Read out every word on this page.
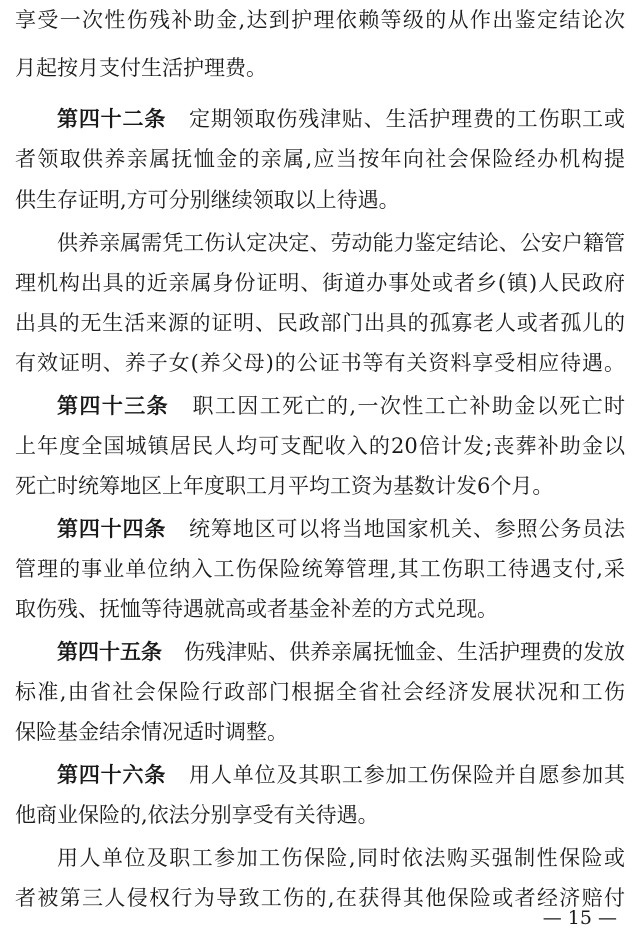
享受一次性伤残补助金,达到护理依赖等级的从作出鉴定结论次
月起按月支付生活护理费。
第四十二条 定期领取伤残津贴、生活护理费的工伤职工或
者领取供养亲属抚恤金的亲属,应当按年向社会保险经办机构提
供生存证明,方可分别继续领取以上待遇。
供养亲属需凭工伤认定决定、劳动能力鉴定结论、公安户籍管
理机构出具的近亲属身份证明、街道办事处或者乡(镇)人民政府
出具的无生活来源的证明、民政部门出具的孤寡老人或者孤儿的
有效证明、养子女(养父母)的公证书等有关资料享受相应待遇。
第四十三条 职工因工死亡的,一次性工亡补助金以死亡时
上年度全国城镇居民人均可支配收入的20倍计发;丧葬补助金以
死亡时统筹地区上年度职工月平均工资为基数计发6个月。
第四十四条 统筹地区可以将当地国家机关、参照公务员法
管理的事业单位纳入工伤保险统筹管理,其工伤职工待遇支付,采
取伤残、抚恤等待遇就高或者基金补差的方式兑现。
第四十五条 伤残津贴、供养亲属抚恤金、生活护理费的发放
标准,由省社会保险行政部门根据全省社会经济发展状况和工伤
保险基金结余情况适时调整。
第四十六条 用人单位及其职工参加工伤保险并自愿参加其
他商业保险的,依法分别享受有关待遇。
用人单位及职工参加工伤保险,同时依法购买强制性保险或
者被第三人侵权行为导致工伤的,在获得其他保险或者经济赔付
— 15 —
